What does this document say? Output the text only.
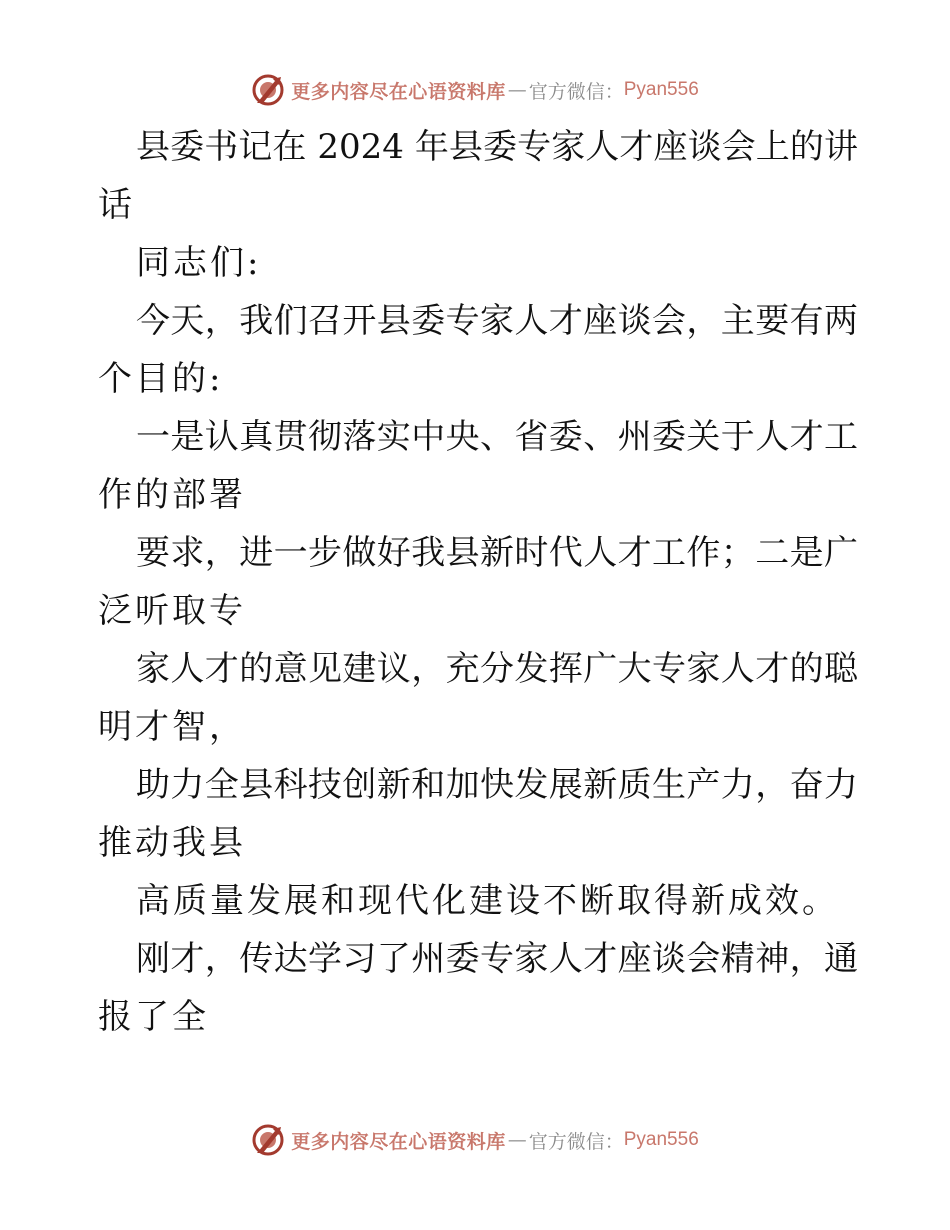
更多内容尽在心语资料库 — 官方微信： Pyan556
县委书记在 2024 年县委专家人才座谈会上的讲
话
同志们:
今天，我们召开县委专家人才座谈会，主要有两
个目的:
一是认真贯彻落实中央、省委、州委关于人才工
作的部署
要求，进一步做好我县新时代人才工作；二是广
泛听取专
家人才的意见建议，充分发挥广大专家人才的聪
明才智，
助力全县科技创新和加快发展新质生产力，奋力
推动我县
高质量发展和现代化建设不断取得新成效。
刚才，传达学习了州委专家人才座谈会精神，通
报了全
更多内容尽在心语资料库 — 官方微信： Pyan556
